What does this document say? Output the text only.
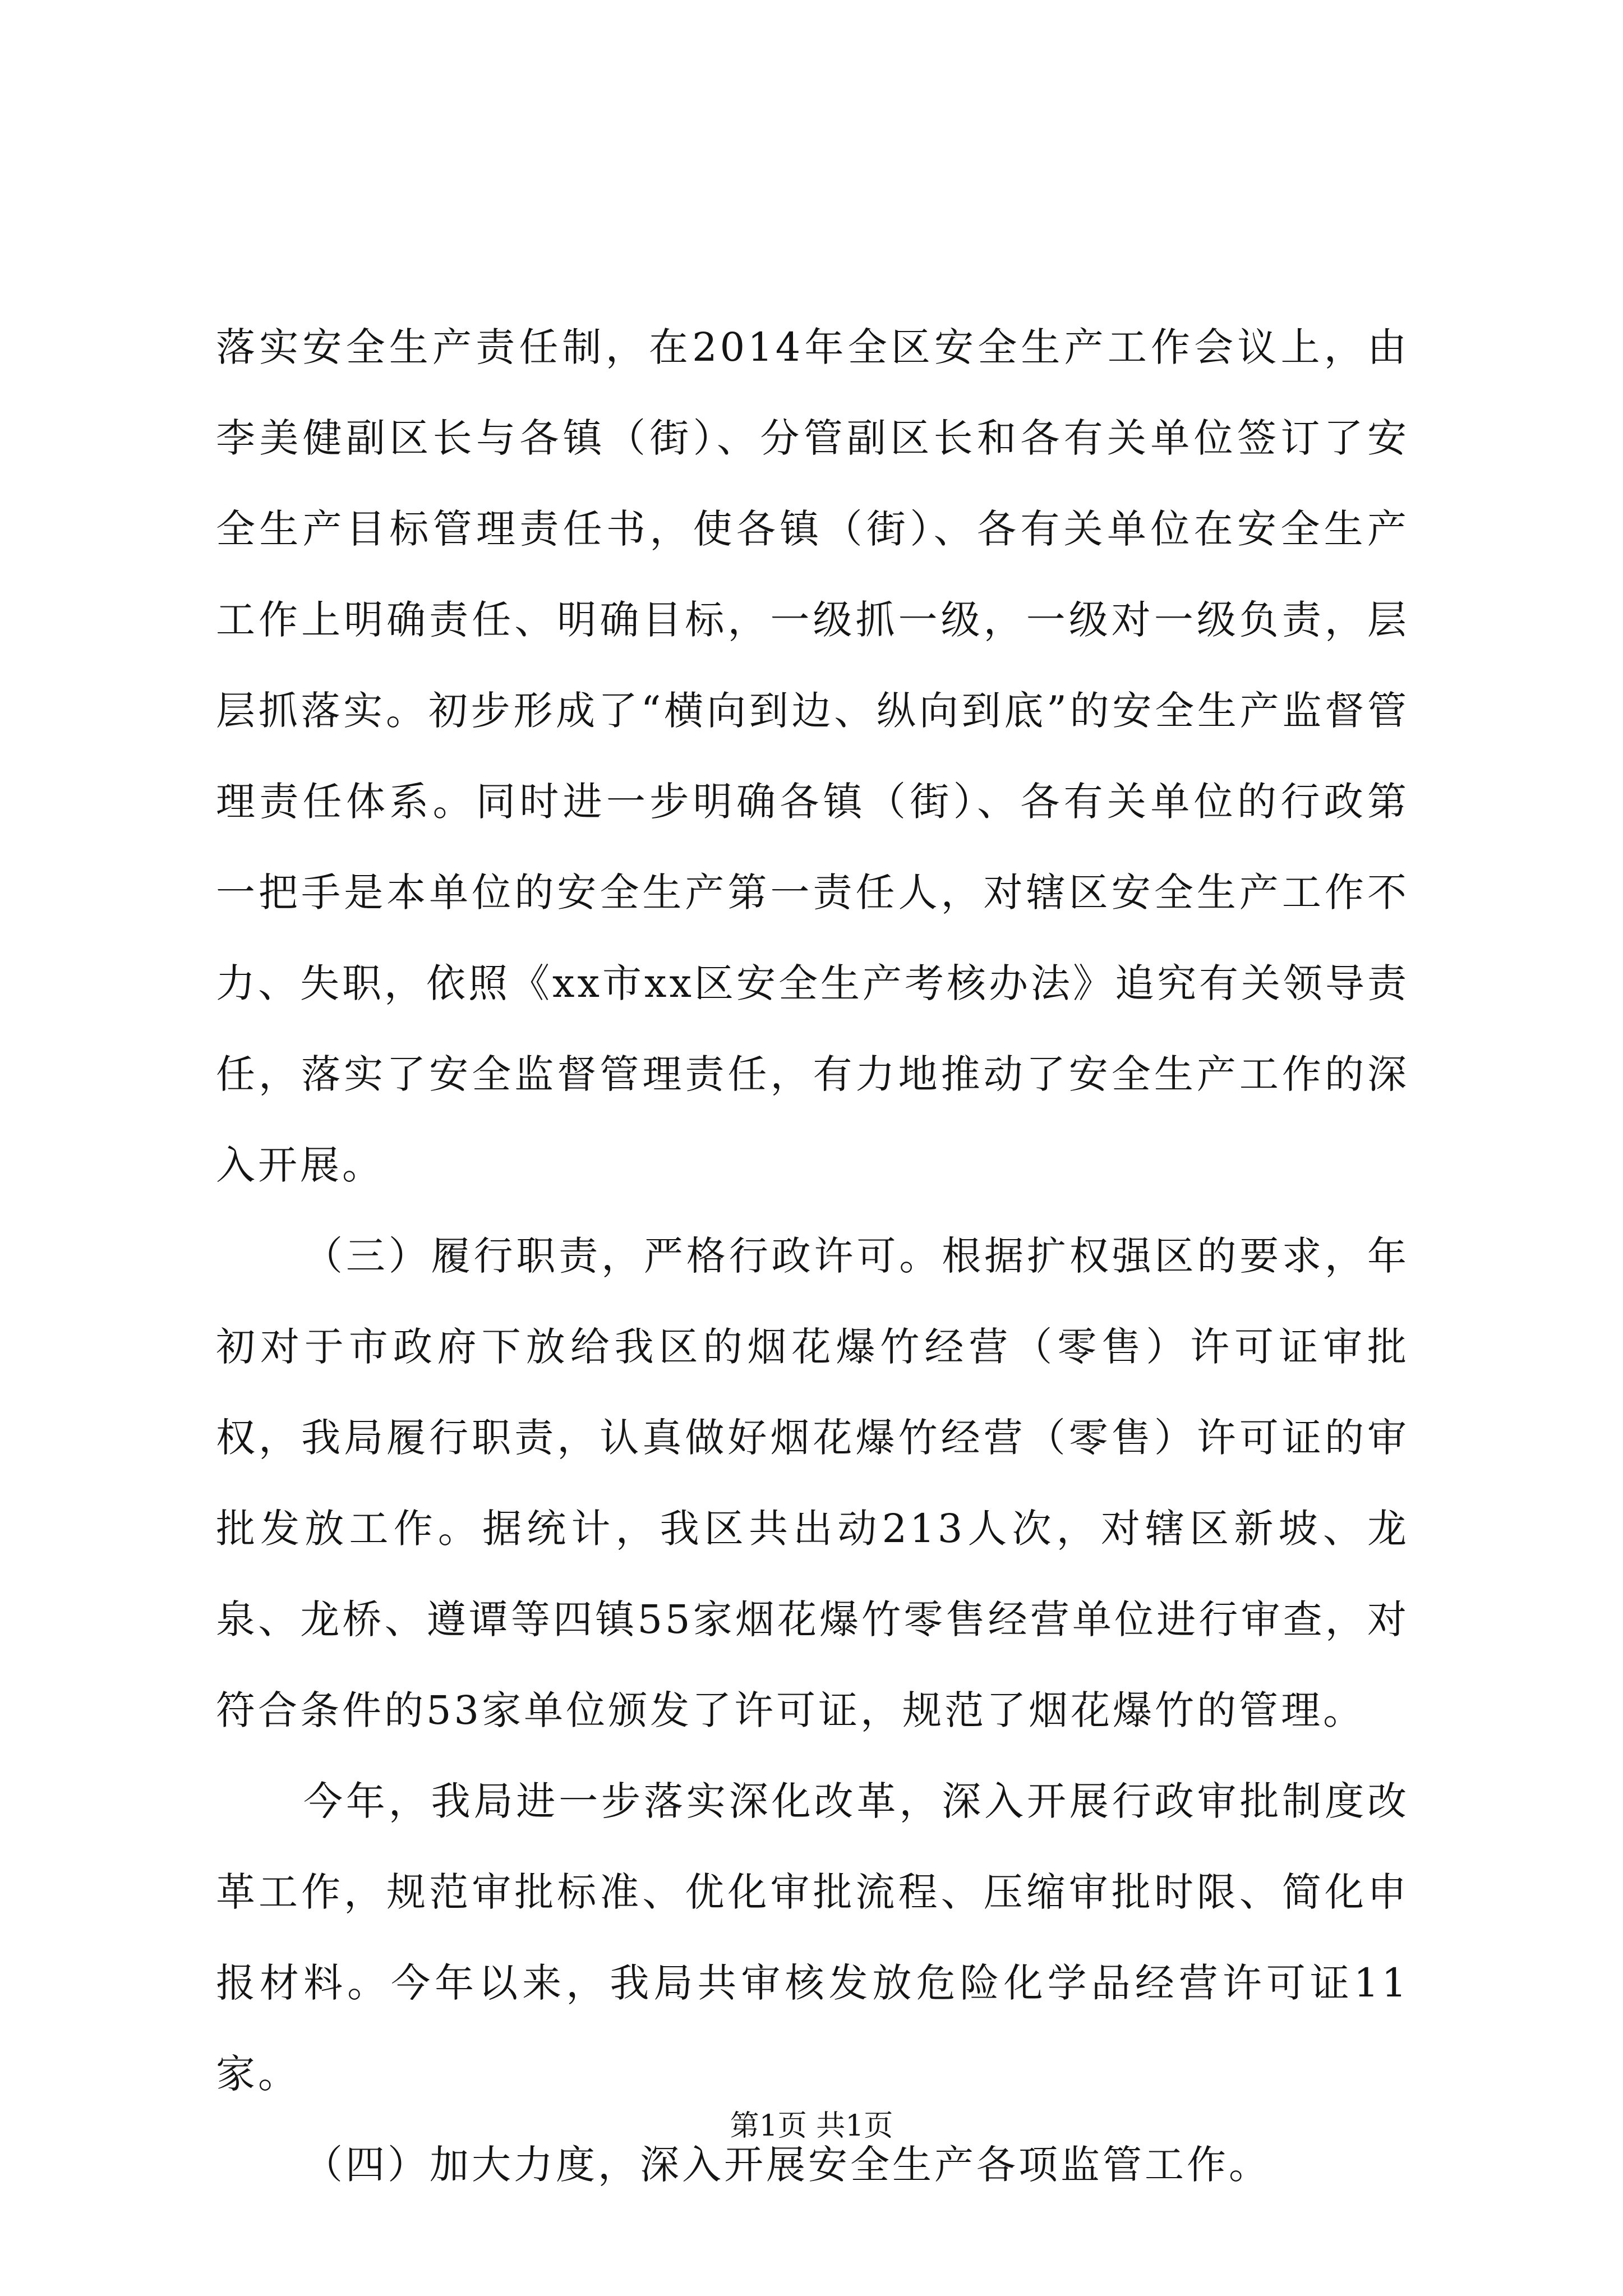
落实安全生产责任制，在2014年全区安全生产工作会议上，由李美健副区长与各镇（街）、分管副区长和各有关单位签订了安全生产目标管理责任书，使各镇（街）、各有关单位在安全生产工作上明确责任、明确目标，一级抓一级，一级对一级负责，层层抓落实。初步形成了“横向到边、纵向到底”的安全生产监督管理责任体系。同时进一步明确各镇（街）、各有关单位的行政第一把手是本单位的安全生产第一责任人，对辖区安全生产工作不力、失职，依照《xx市xx区安全生产考核办法》追究有关领导责任，落实了安全监督管理责任，有力地推动了安全生产工作的深入开展。

（三）履行职责，严格行政许可。根据扩权强区的要求，年初对于市政府下放给我区的烟花爆竹经营（零售）许可证审批权，我局履行职责，认真做好烟花爆竹经营（零售）许可证的审批发放工作。据统计，我区共出动213人次，对辖区新坡、龙泉、龙桥、遵谭等四镇55家烟花爆竹零售经营单位进行审查，对符合条件的53家单位颁发了许可证，规范了烟花爆竹的管理。

今年，我局进一步落实深化改革，深入开展行政审批制度改革工作，规范审批标准、优化审批流程、压缩审批时限、简化申报材料。今年以来，我局共审核发放危险化学品经营许可证11家。

（四）加大力度，深入开展安全生产各项监管工作。

第1页 共1页
